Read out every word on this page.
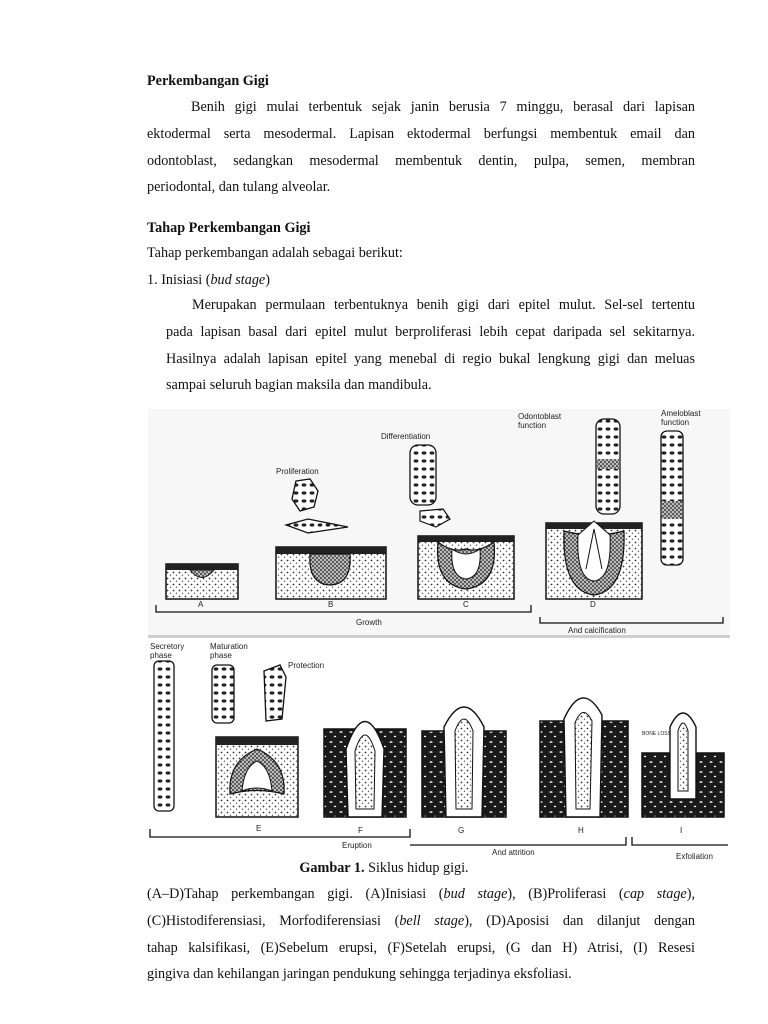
Perkembangan Gigi
Benih gigi mulai terbentuk sejak janin berusia 7 minggu, berasal dari lapisan
ektodermal serta mesodermal. Lapisan ektodermal berfungsi membentuk email dan
odontoblast, sedangkan mesodermal membentuk dentin, pulpa, semen, membran
periodontal, dan tulang alveolar.
Tahap Perkembangan Gigi
Tahap perkembangan adalah sebagai berikut:
1. Inisiasi (bud stage)
Merupakan permulaan terbentuknya benih gigi dari epitel mulut. Sel-sel tertentu
pada lapisan basal dari epitel mulut berproliferasi lebih cepat daripada sel sekitarnya.
Hasilnya adalah lapisan epitel yang menebal di regio bukal lengkung gigi dan meluas
sampai seluruh bagian maksila dan mandibula.
Proliferation
Differentiation
Odontoblast
function
Ameloblast
function
A	B	C	D
Growth
And calcification
Secretory
phase
Maturation
phase
Protection
BONE LOSS
E	F	G	H	I
Eruption
And attrition	Exfoliation
Gambar 1. Siklus hidup gigi.
(A–D)Tahap perkembangan gigi. (A)Inisiasi (bud stage), (B)Proliferasi (cap stage),
(C)Histodiferensiasi, Morfodiferensiasi (bell stage), (D)Aposisi dan dilanjut dengan
tahap kalsifikasi, (E)Sebelum erupsi, (F)Setelah erupsi, (G dan H) Atrisi, (I) Resesi
gingiva dan kehilangan jaringan pendukung sehingga terjadinya eksfoliasi.
